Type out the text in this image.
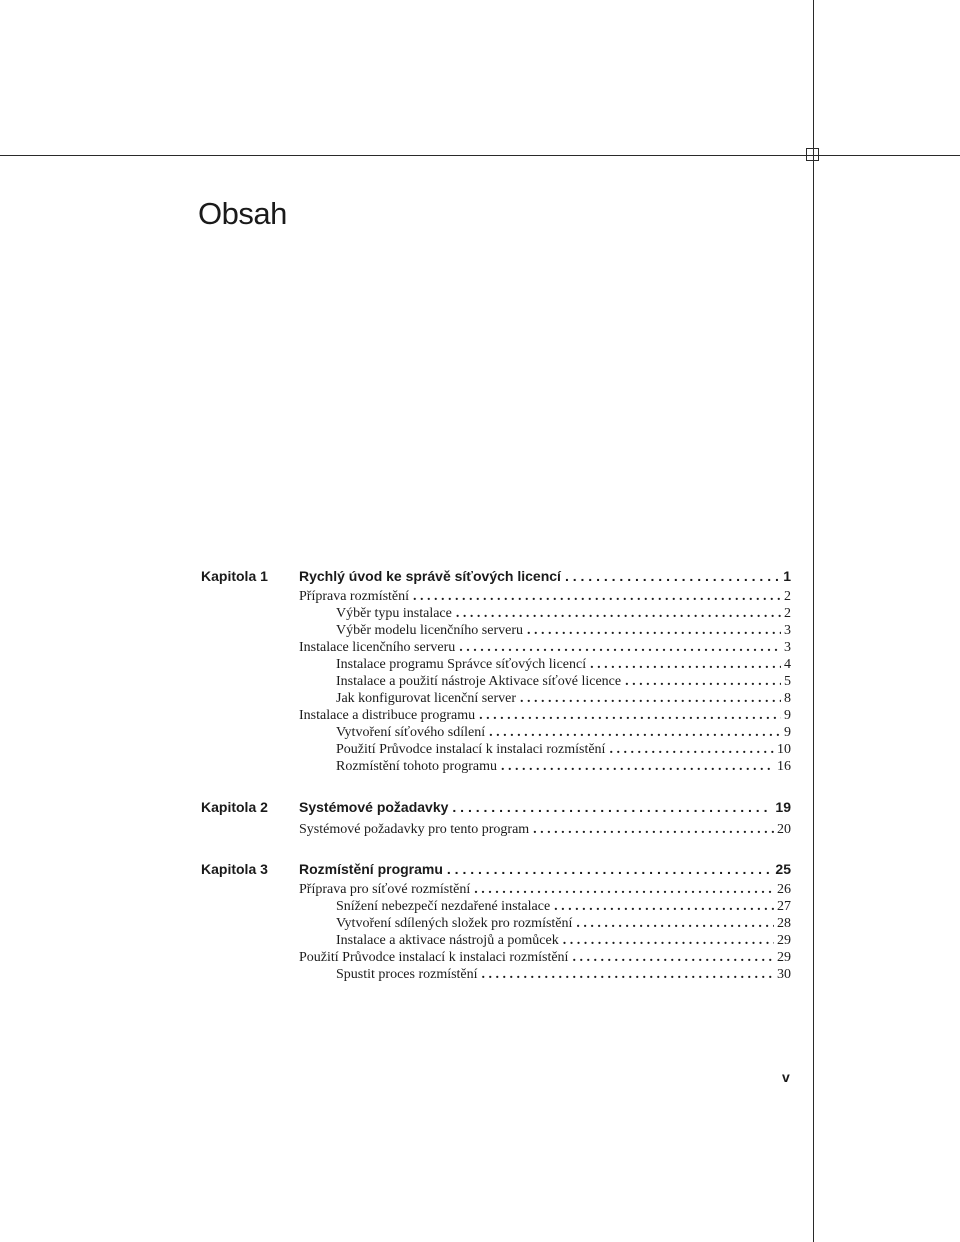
Obsah
Kapitola 1 Rychlý úvod ke správě síťových licencí . . .	1
Příprava rozmístění . . .	2
Výběr typu instalace . . .	2
Výběr modelu licenčního serveru . . .	3
Instalace licenčního serveru . . .	3
Instalace programu Správce síťových licencí . . .	4
Instalace a použití nástroje Aktivace síťové licence . . .	5
Jak konfigurovat licenční server . . .	8
Instalace a distribuce programu . . .	9
Vytvoření síťového sdílení . . .	9
Použití Průvodce instalací k instalaci rozmístění . . .	10
Rozmístění tohoto programu . . .	16
Kapitola 2 Systémové požadavky . . .	19
Systémové požadavky pro tento program . . .	20
Kapitola 3 Rozmístění programu . . .	25
Příprava pro síťové rozmístění . . .	26
Snížení nebezpečí nezdařené instalace . . .	27
Vytvoření sdílených složek pro rozmístění . . .	28
Instalace a aktivace nástrojů a pomůcek . . .	29
Použití Průvodce instalací k instalaci rozmístění . . .	29
Spustit proces rozmístění . . .	30
v
